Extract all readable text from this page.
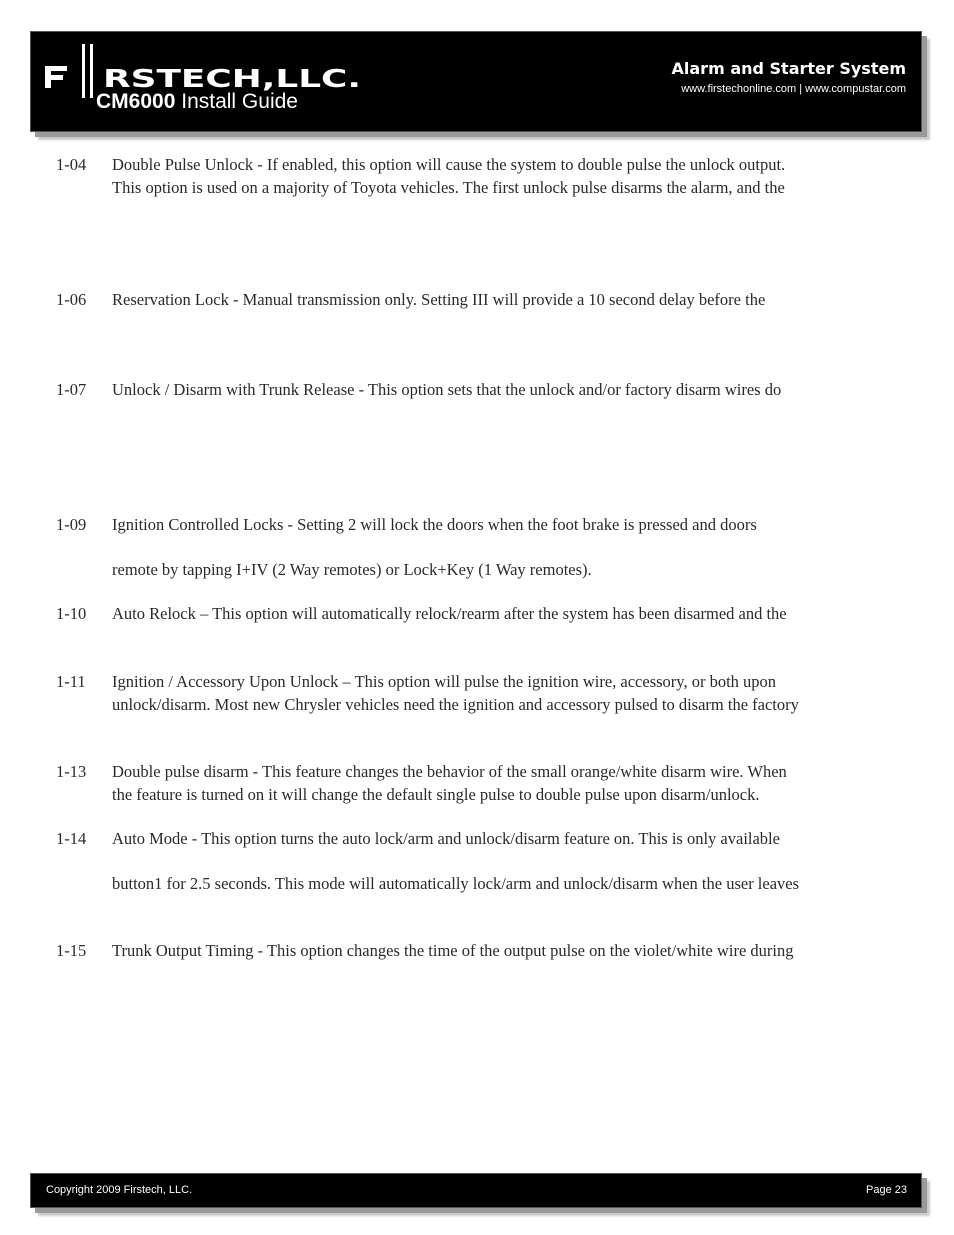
RSTECH,LLC.
CM6000 Install Guide
Alarm and Starter System
www.firstechonline.com | www.compustar.com
1-04	Double Pulse Unlock - If enabled, this option will cause the system to double pulse the unlock output.
This option is used on a majority of Toyota vehicles. The first unlock pulse disarms the alarm, and the
1-06	Reservation Lock - Manual transmission only. Setting III will provide a 10 second delay before the
1-07	Unlock / Disarm with Trunk Release - This option sets that the unlock and/or factory disarm wires do
1-09	Ignition Controlled Locks - Setting 2 will lock the doors when the foot brake is pressed and doors

remote by tapping I+IV (2 Way remotes) or Lock+Key (1 Way remotes).
1-10	Auto Relock – This option will automatically relock/rearm after the system has been disarmed and the
1-11	Ignition / Accessory Upon Unlock – This option will pulse the ignition wire, accessory, or both upon
unlock/disarm. Most new Chrysler vehicles need the ignition and accessory pulsed to disarm the factory
1-13	Double pulse disarm - This feature changes the behavior of the small orange/white disarm wire. When
the feature is turned on it will change the default single pulse to double pulse upon disarm/unlock.
1-14	Auto Mode - This option turns the auto lock/arm and unlock/disarm feature on. This is only available

button1 for 2.5 seconds. This mode will automatically lock/arm and unlock/disarm when the user leaves
1-15	Trunk Output Timing - This option changes the time of the output pulse on the violet/white wire during
Copyright 2009 Firstech, LLC.	Page 23
